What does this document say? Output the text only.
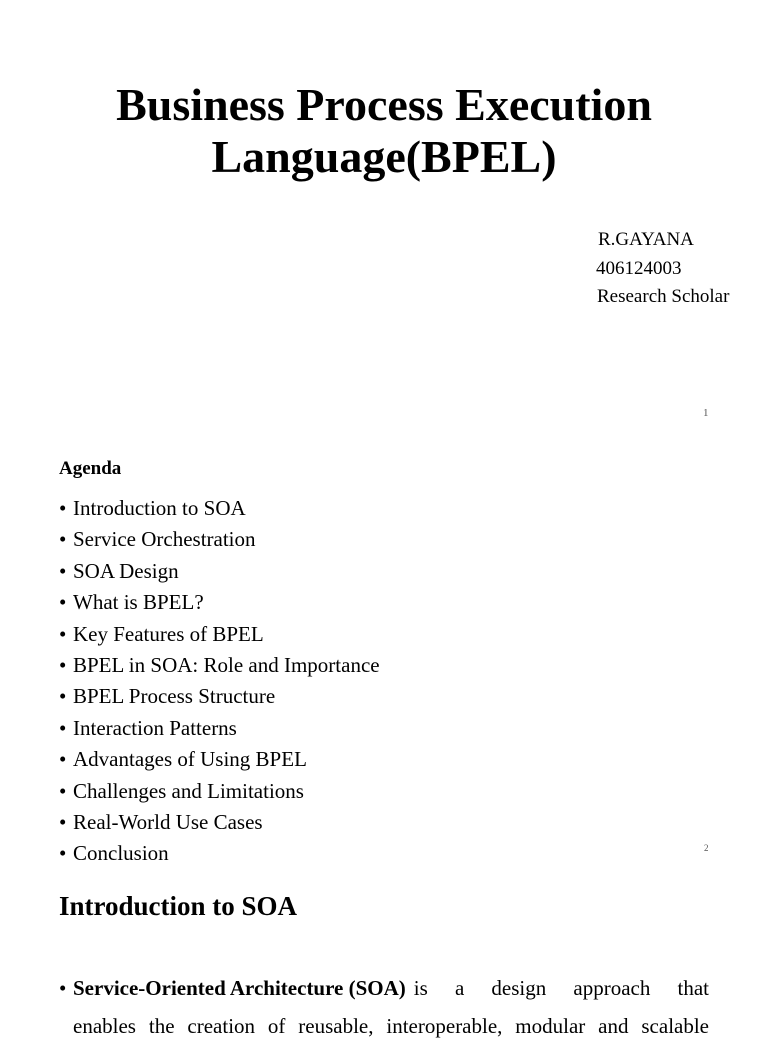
Business Process Execution
Language(BPEL)
R.GAYANA
406124003
Research Scholar
1
Agenda
• Introduction to SOA
• Service Orchestration
• SOA Design
• What is BPEL?
• Key Features of BPEL
• BPEL in SOA: Role and Importance
• BPEL Process Structure
• Interaction Patterns
• Advantages of Using BPEL
• Challenges and Limitations
• Real-World Use Cases
• Conclusion	2
Introduction to SOA
• Service-Oriented Architecture (SOA) is a design approach that
enables the creation of reusable, interoperable, modular and scalable
